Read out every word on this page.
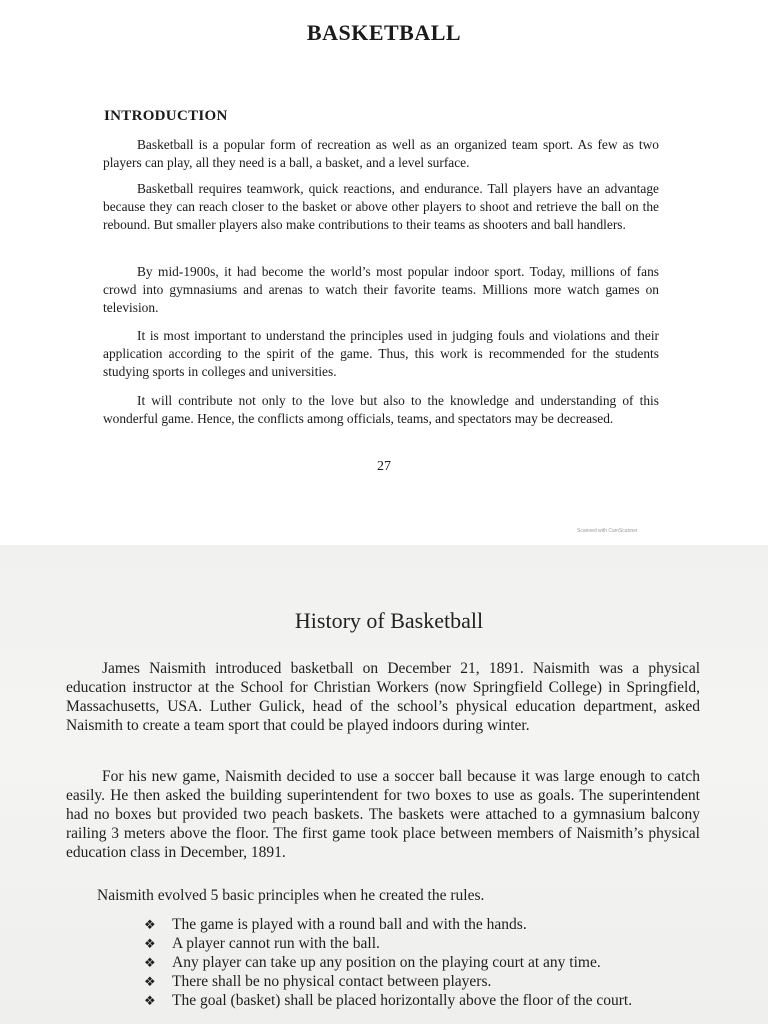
BASKETBALL
INTRODUCTION

Basketball is a popular form of recreation as well as an organized team sport. As few as two players can play, all they need is a ball, a basket, and a level surface.

Basketball requires teamwork, quick reactions, and endurance. Tall players have an advantage because they can reach closer to the basket or above other players to shoot and retrieve the ball on the rebound. But smaller players also make contributions to their teams as shooters and ball handlers.

By mid-1900s, it had become the world’s most popular indoor sport. Today, millions of fans crowd into gymnasiums and arenas to watch their favorite teams. Millions more watch games on television.

It is most important to understand the principles used in judging fouls and violations and their application according to the spirit of the game. Thus, this work is recommended for the students studying sports in colleges and universities.

It will contribute not only to the love but also to the knowledge and understanding of this wonderful game. Hence, the conflicts among officials, teams, and spectators may be decreased.

27
Scanned with CamScanner
History of Basketball

James Naismith introduced basketball on December 21, 1891. Naismith was a physical education instructor at the School for Christian Workers (now Springfield College) in Springfield, Massachusetts, USA. Luther Gulick, head of the school’s physical education department, asked Naismith to create a team sport that could be played indoors during winter.

For his new game, Naismith decided to use a soccer ball because it was large enough to catch easily. He then asked the building superintendent for two boxes to use as goals. The superintendent had no boxes but provided two peach baskets. The baskets were attached to a gymnasium balcony railing 3 meters above the floor. The first game took place between members of Naismith’s physical education class in December, 1891.

Naismith evolved 5 basic principles when he created the rules.
❖ The game is played with a round ball and with the hands.
❖ A player cannot run with the ball.
❖ Any player can take up any position on the playing court at any time.
❖ There shall be no physical contact between players.
❖ The goal (basket) shall be placed horizontally above the floor of the court.
